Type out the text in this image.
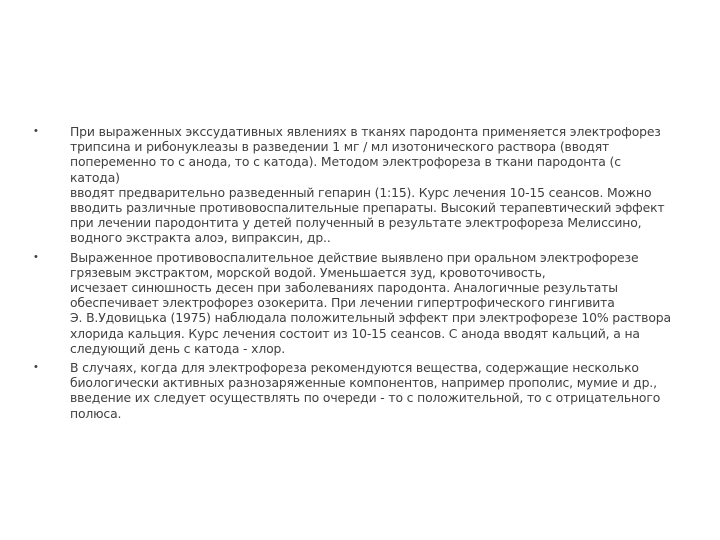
•	При выраженных экссудативных явлениях в тканях пародонта применяется электрофорез
трипсина и рибонуклеазы в разведении 1 мг / мл изотонического раствора (вводят
попеременно то с анода, то с катода). Методом электрофореза в ткани пародонта (с катода)
вводят предварительно разведенный гепарин (1:15). Курс лечения 10-15 сеансов. Можно
вводить различные противовоспалительные препараты. Высокий терапевтический эффект
при лечении пародонтита у детей полученный в результате электрофореза Мелиссино,
водного экстракта алоэ, випраксин, др..
•	Выраженное противовоспалительное действие выявлено при оральном электрофорезе
грязевым экстрактом, морской водой. Уменьшается зуд, кровоточивость,
исчезает синюшность десен при заболеваниях пародонта. Аналогичные результаты
обеспечивает электрофорез озокерита. При лечении гипертрофического гингивита
Э. В.Удовицька (1975) наблюдала положительный эффект при электрофорезе 10% раствора
хлорида кальция. Курс лечения состоит из 10-15 сеансов. С анода вводят кальций, а на
следующий день с катода - хлор.
•	В случаях, когда для электрофореза рекомендуются вещества, содержащие несколько
биологически активных разнозаряженные компонентов, например прополис, мумие и др.,
введение их следует осуществлять по очереди - то с положительной, то с отрицательного
полюса.
